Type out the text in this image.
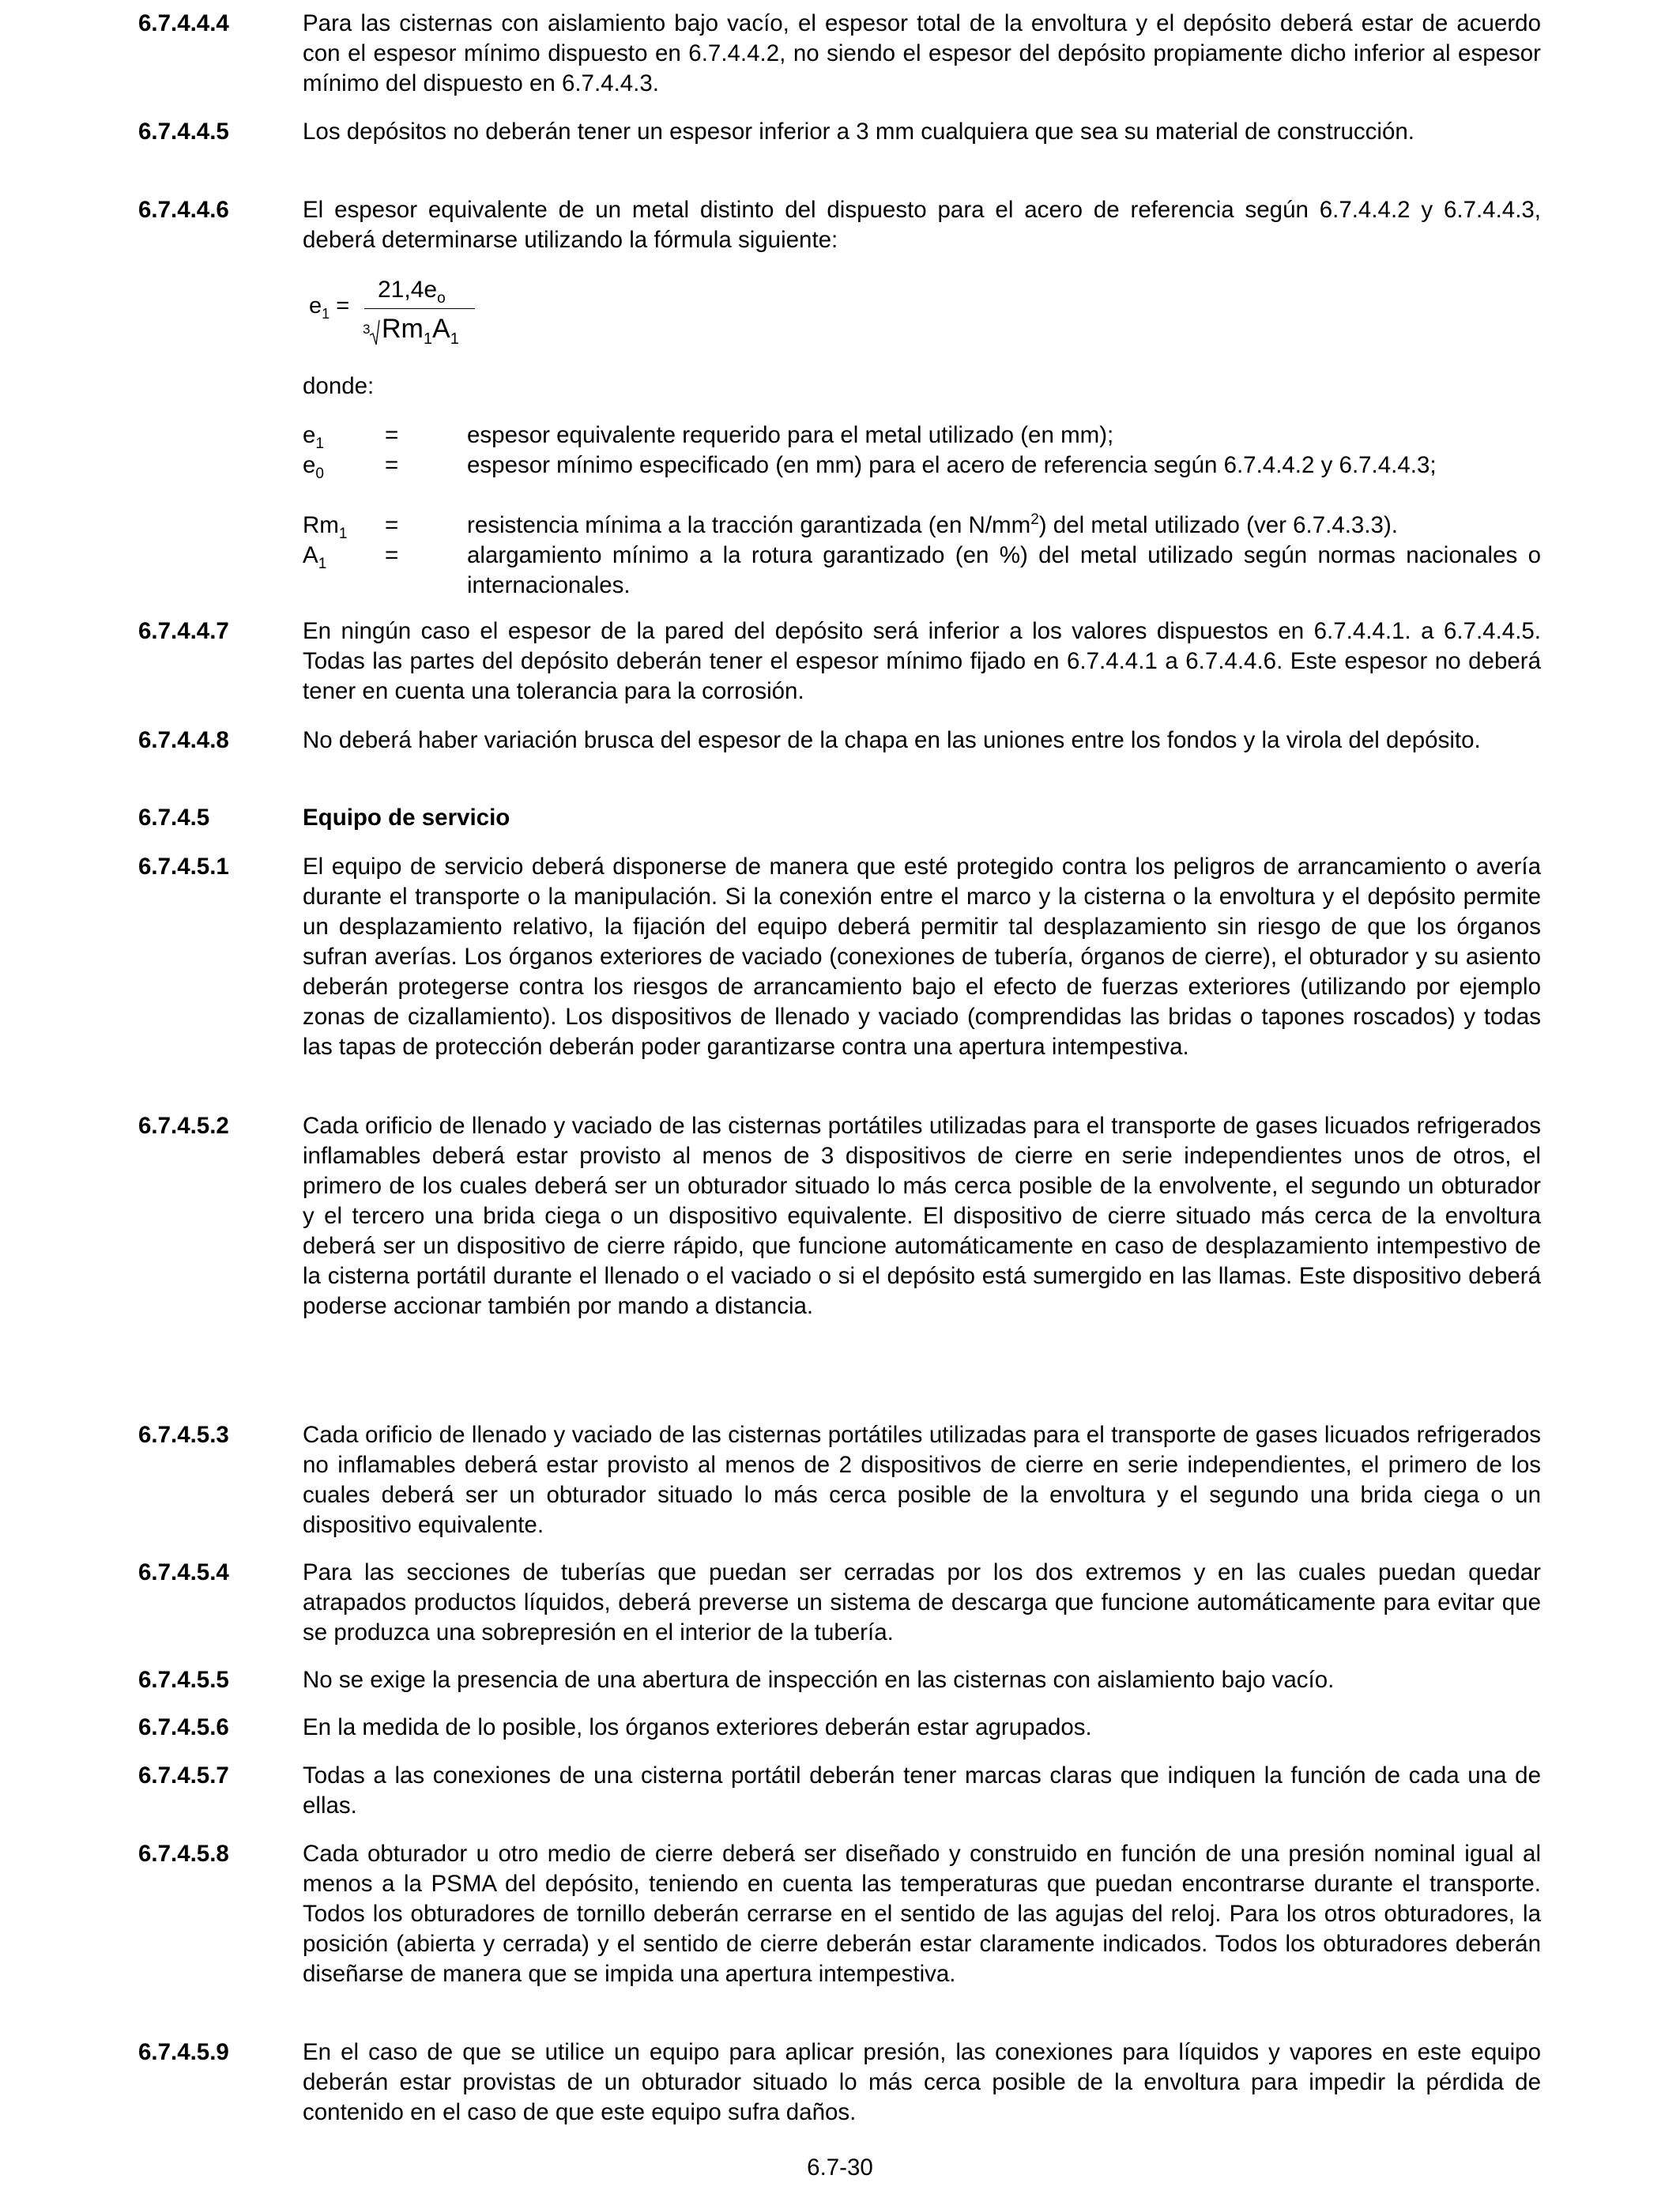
6.7.4.4.4	Para las cisternas con aislamiento bajo vacío, el espesor total de la envoltura y el depósito deberá estar de acuerdo con el espesor mínimo dispuesto en 6.7.4.4.2, no siendo el espesor del depósito propiamente dicho inferior al espesor mínimo del dispuesto en 6.7.4.4.3.
6.7.4.4.5	Los depósitos no deberán tener un espesor inferior a 3 mm cualquiera que sea su material de construcción.
6.7.4.4.6	El espesor equivalente de un metal distinto del dispuesto para el acero de referencia según 6.7.4.4.2 y 6.7.4.4.3, deberá determinarse utilizando la fórmula siguiente:
$e_1$ =
$21,4e_o$
3 $Rm_1A_1$
donde:
$e_1$	=	espesor equivalente requerido para el metal utilizado (en mm);
$e_0$	=	espesor mínimo especificado (en mm) para el acero de referencia según 6.7.4.4.2 y 6.7.4.4.3;
$Rm_1$ =	resistencia mínima a la tracción garantizada (en $N/mm^2$) del metal utilizado (ver 6.7.4.3.3).
$A_1$ =	alargamiento mínimo a la rotura garantizado (en %) del metal utilizado según normas nacionales o internacionales.
6.7.4.4.7	En ningún caso el espesor de la pared del depósito será inferior a los valores dispuestos en 6.7.4.4.1. a 6.7.4.4.5. Todas las partes del depósito deberán tener el espesor mínimo fijado en 6.7.4.4.1 a 6.7.4.4.6. Este espesor no deberá tener en cuenta una tolerancia para la corrosión.
6.7.4.4.8	No deberá haber variación brusca del espesor de la chapa en las uniones entre los fondos y la virola del depósito.
6.7.4.5	Equipo de servicio
6.7.4.5.1	El equipo de servicio deberá disponerse de manera que esté protegido contra los peligros de arrancamiento o avería durante el transporte o la manipulación. Si la conexión entre el marco y la cisterna o la envoltura y el depósito permite un desplazamiento relativo, la fijación del equipo deberá permitir tal desplazamiento sin riesgo de que los órganos sufran averías. Los órganos exteriores de vaciado (conexiones de tubería, órganos de cierre), el obturador y su asiento deberán protegerse contra los riesgos de arrancamiento bajo el efecto de fuerzas exteriores (utilizando por ejemplo zonas de cizallamiento). Los dispositivos de llenado y vaciado (comprendidas las bridas o tapones roscados) y todas las tapas de protección deberán poder garantizarse contra una apertura intempestiva.
6.7.4.5.2	Cada orificio de llenado y vaciado de las cisternas portátiles utilizadas para el transporte de gases licuados refrigerados inflamables deberá estar provisto al menos de 3 dispositivos de cierre en serie independientes unos de otros, el primero de los cuales deberá ser un obturador situado lo más cerca posible de la envolvente, el segundo un obturador y el tercero una brida ciega o un dispositivo equivalente. El dispositivo de cierre situado más cerca de la envoltura deberá ser un dispositivo de cierre rápido, que funcione automáticamente en caso de desplazamiento intempestivo de la cisterna portátil durante el llenado o el vaciado o si el depósito está sumergido en las llamas. Este dispositivo deberá poderse accionar también por mando a distancia.
6.7.4.5.3	Cada orificio de llenado y vaciado de las cisternas portátiles utilizadas para el transporte de gases licuados refrigerados no inflamables deberá estar provisto al menos de 2 dispositivos de cierre en serie independientes, el primero de los cuales deberá ser un obturador situado lo más cerca posible de la envoltura y el segundo una brida ciega o un dispositivo equivalente.
6.7.4.5.4	Para las secciones de tuberías que puedan ser cerradas por los dos extremos y en las cuales puedan quedar atrapados productos líquidos, deberá preverse un sistema de descarga que funcione automáticamente para evitar que se produzca una sobrepresión en el interior de la tubería.
6.7.4.5.5	No se exige la presencia de una abertura de inspección en las cisternas con aislamiento bajo vacío.
6.7.4.5.6	En la medida de lo posible, los órganos exteriores deberán estar agrupados.
6.7.4.5.7	Todas a las conexiones de una cisterna portátil deberán tener marcas claras que indiquen la función de cada una de ellas.
6.7.4.5.8	Cada obturador u otro medio de cierre deberá ser diseñado y construido en función de una presión nominal igual al menos a la PSMA del depósito, teniendo en cuenta las temperaturas que puedan encontrarse durante el transporte. Todos los obturadores de tornillo deberán cerrarse en el sentido de las agujas del reloj. Para los otros obturadores, la posición (abierta y cerrada) y el sentido de cierre deberán estar claramente indicados. Todos los obturadores deberán diseñarse de manera que se impida una apertura intempestiva.
6.7.4.5.9	En el caso de que se utilice un equipo para aplicar presión, las conexiones para líquidos y vapores en este equipo deberán estar provistas de un obturador situado lo más cerca posible de la envoltura para impedir la pérdida de contenido en el caso de que este equipo sufra daños.
6.7-30
